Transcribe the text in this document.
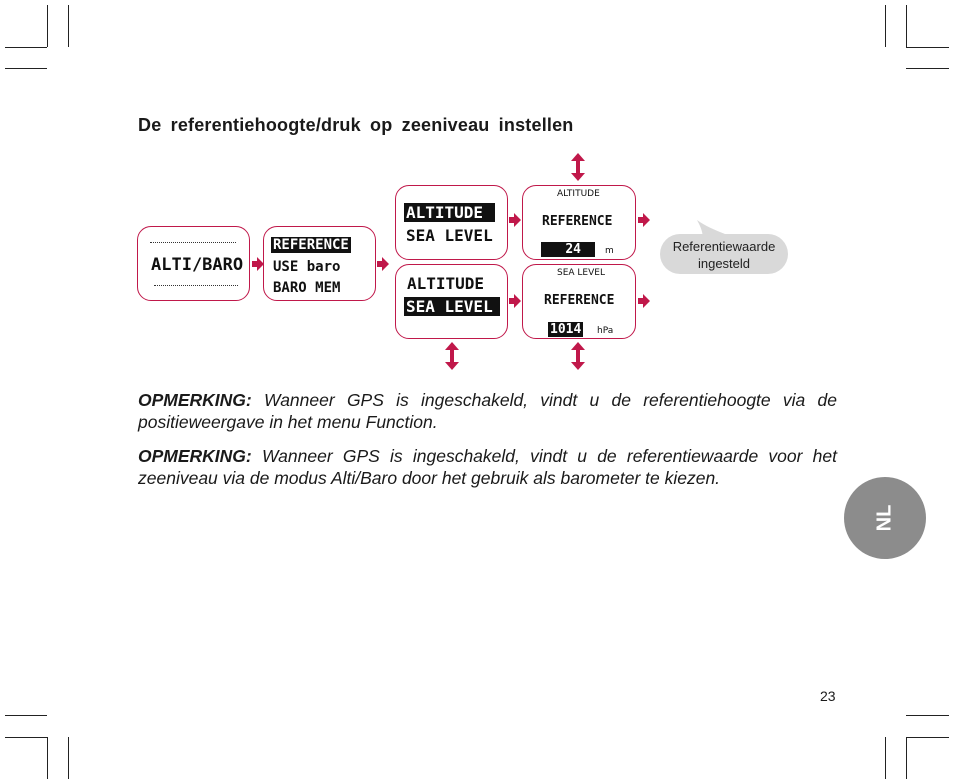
De referentiehoogte/druk op zeeniveau instellen
ALTI/BARO
REFERENCE
USE baro
BARO MEM
ALTITUDE
SEA LEVEL
ALTITUDE
SEA LEVEL
ALTITUDE
REFERENCE
24	m
SEA LEVEL
REFERENCE
1014 hPa
Referentiewaarde
ingesteld
OPMERKING: Wanneer GPS is ingeschakeld, vindt u de referentiehoogte via de positieweergave in het menu Function.
OPMERKING: Wanneer GPS is ingeschakeld, vindt u de referentiewaarde voor het zeeniveau via de modus Alti/Baro door het gebruik als barometer te kiezen.
NL
23
